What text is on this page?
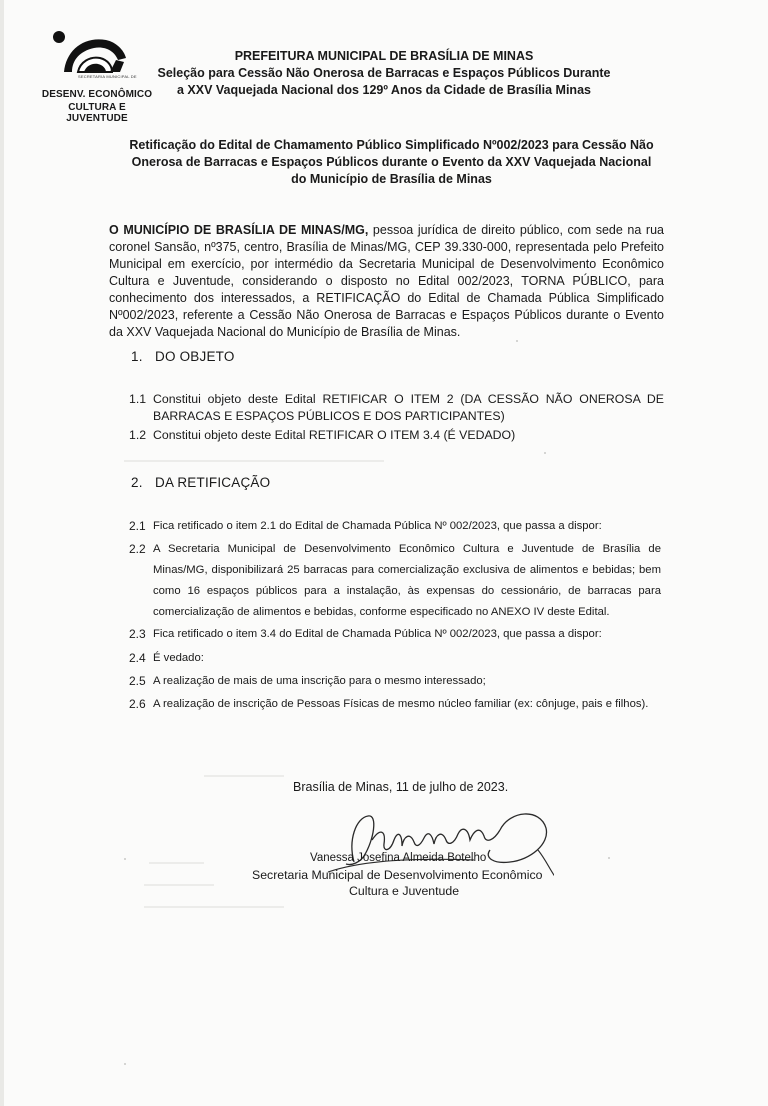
SECRETARIA MUNICIPAL DE
DESENV. ECONÔMICO
CULTURA E JUVENTUDE
PREFEITURA MUNICIPAL DE BRASÍLIA DE MINAS
Seleção para Cessão Não Onerosa de Barracas e Espaços Públicos Durante
a XXV Vaquejada Nacional dos 129º Anos da Cidade de Brasília Minas
Retificação do Edital de Chamamento Público Simplificado Nº002/2023 para Cessão Não
Onerosa de Barracas e Espaços Públicos durante o Evento da XXV Vaquejada Nacional
do Município de Brasília de Minas
O MUNICÍPIO DE BRASÍLIA DE MINAS/MG, pessoa jurídica de direito público, com sede na rua coronel Sansão, nº375, centro, Brasília de Minas/MG, CEP 39.330-000, representada pelo Prefeito Municipal em exercício, por intermédio da Secretaria Municipal de Desenvolvimento Econômico Cultura e Juventude, considerando o disposto no Edital 002/2023, TORNA PÚBLICO, para conhecimento dos interessados, a RETIFICAÇÃO do Edital de Chamada Pública Simplificado Nº002/2023, referente a Cessão Não Onerosa de Barracas e Espaços Públicos durante o Evento da XXV Vaquejada Nacional do Município de Brasília de Minas.
1. DO OBJETO
1.1 Constitui objeto deste Edital RETIFICAR O ITEM 2 (DA CESSÃO NÃO ONEROSA DE BARRACAS E ESPAÇOS PÚBLICOS E DOS PARTICIPANTES)
1.2 Constitui objeto deste Edital RETIFICAR O ITEM 3.4 (É VEDADO)
2. DA RETIFICAÇÃO
2.1 Fica retificado o item 2.1 do Edital de Chamada Pública Nº 002/2023, que passa a dispor:
2.2 A Secretaria Municipal de Desenvolvimento Econômico Cultura e Juventude de Brasília de Minas/MG, disponibilizará 25 barracas para comercialização exclusiva de alimentos e bebidas; bem como 16 espaços públicos para a instalação, às expensas do cessionário, de barracas para comercialização de alimentos e bebidas, conforme especificado no ANEXO IV deste Edital.
2.3 Fica retificado o item 3.4 do Edital de Chamada Pública Nº 002/2023, que passa a dispor:
2.4 É vedado:
2.5 A realização de mais de uma inscrição para o mesmo interessado;
2.6 A realização de inscrição de Pessoas Físicas de mesmo núcleo familiar (ex: cônjuge, pais e filhos).
Brasília de Minas, 11 de julho de 2023.
Vanessa Josefina Almeida Botelho
Secretaria Municipal de Desenvolvimento Econômico
Cultura e Juventude
